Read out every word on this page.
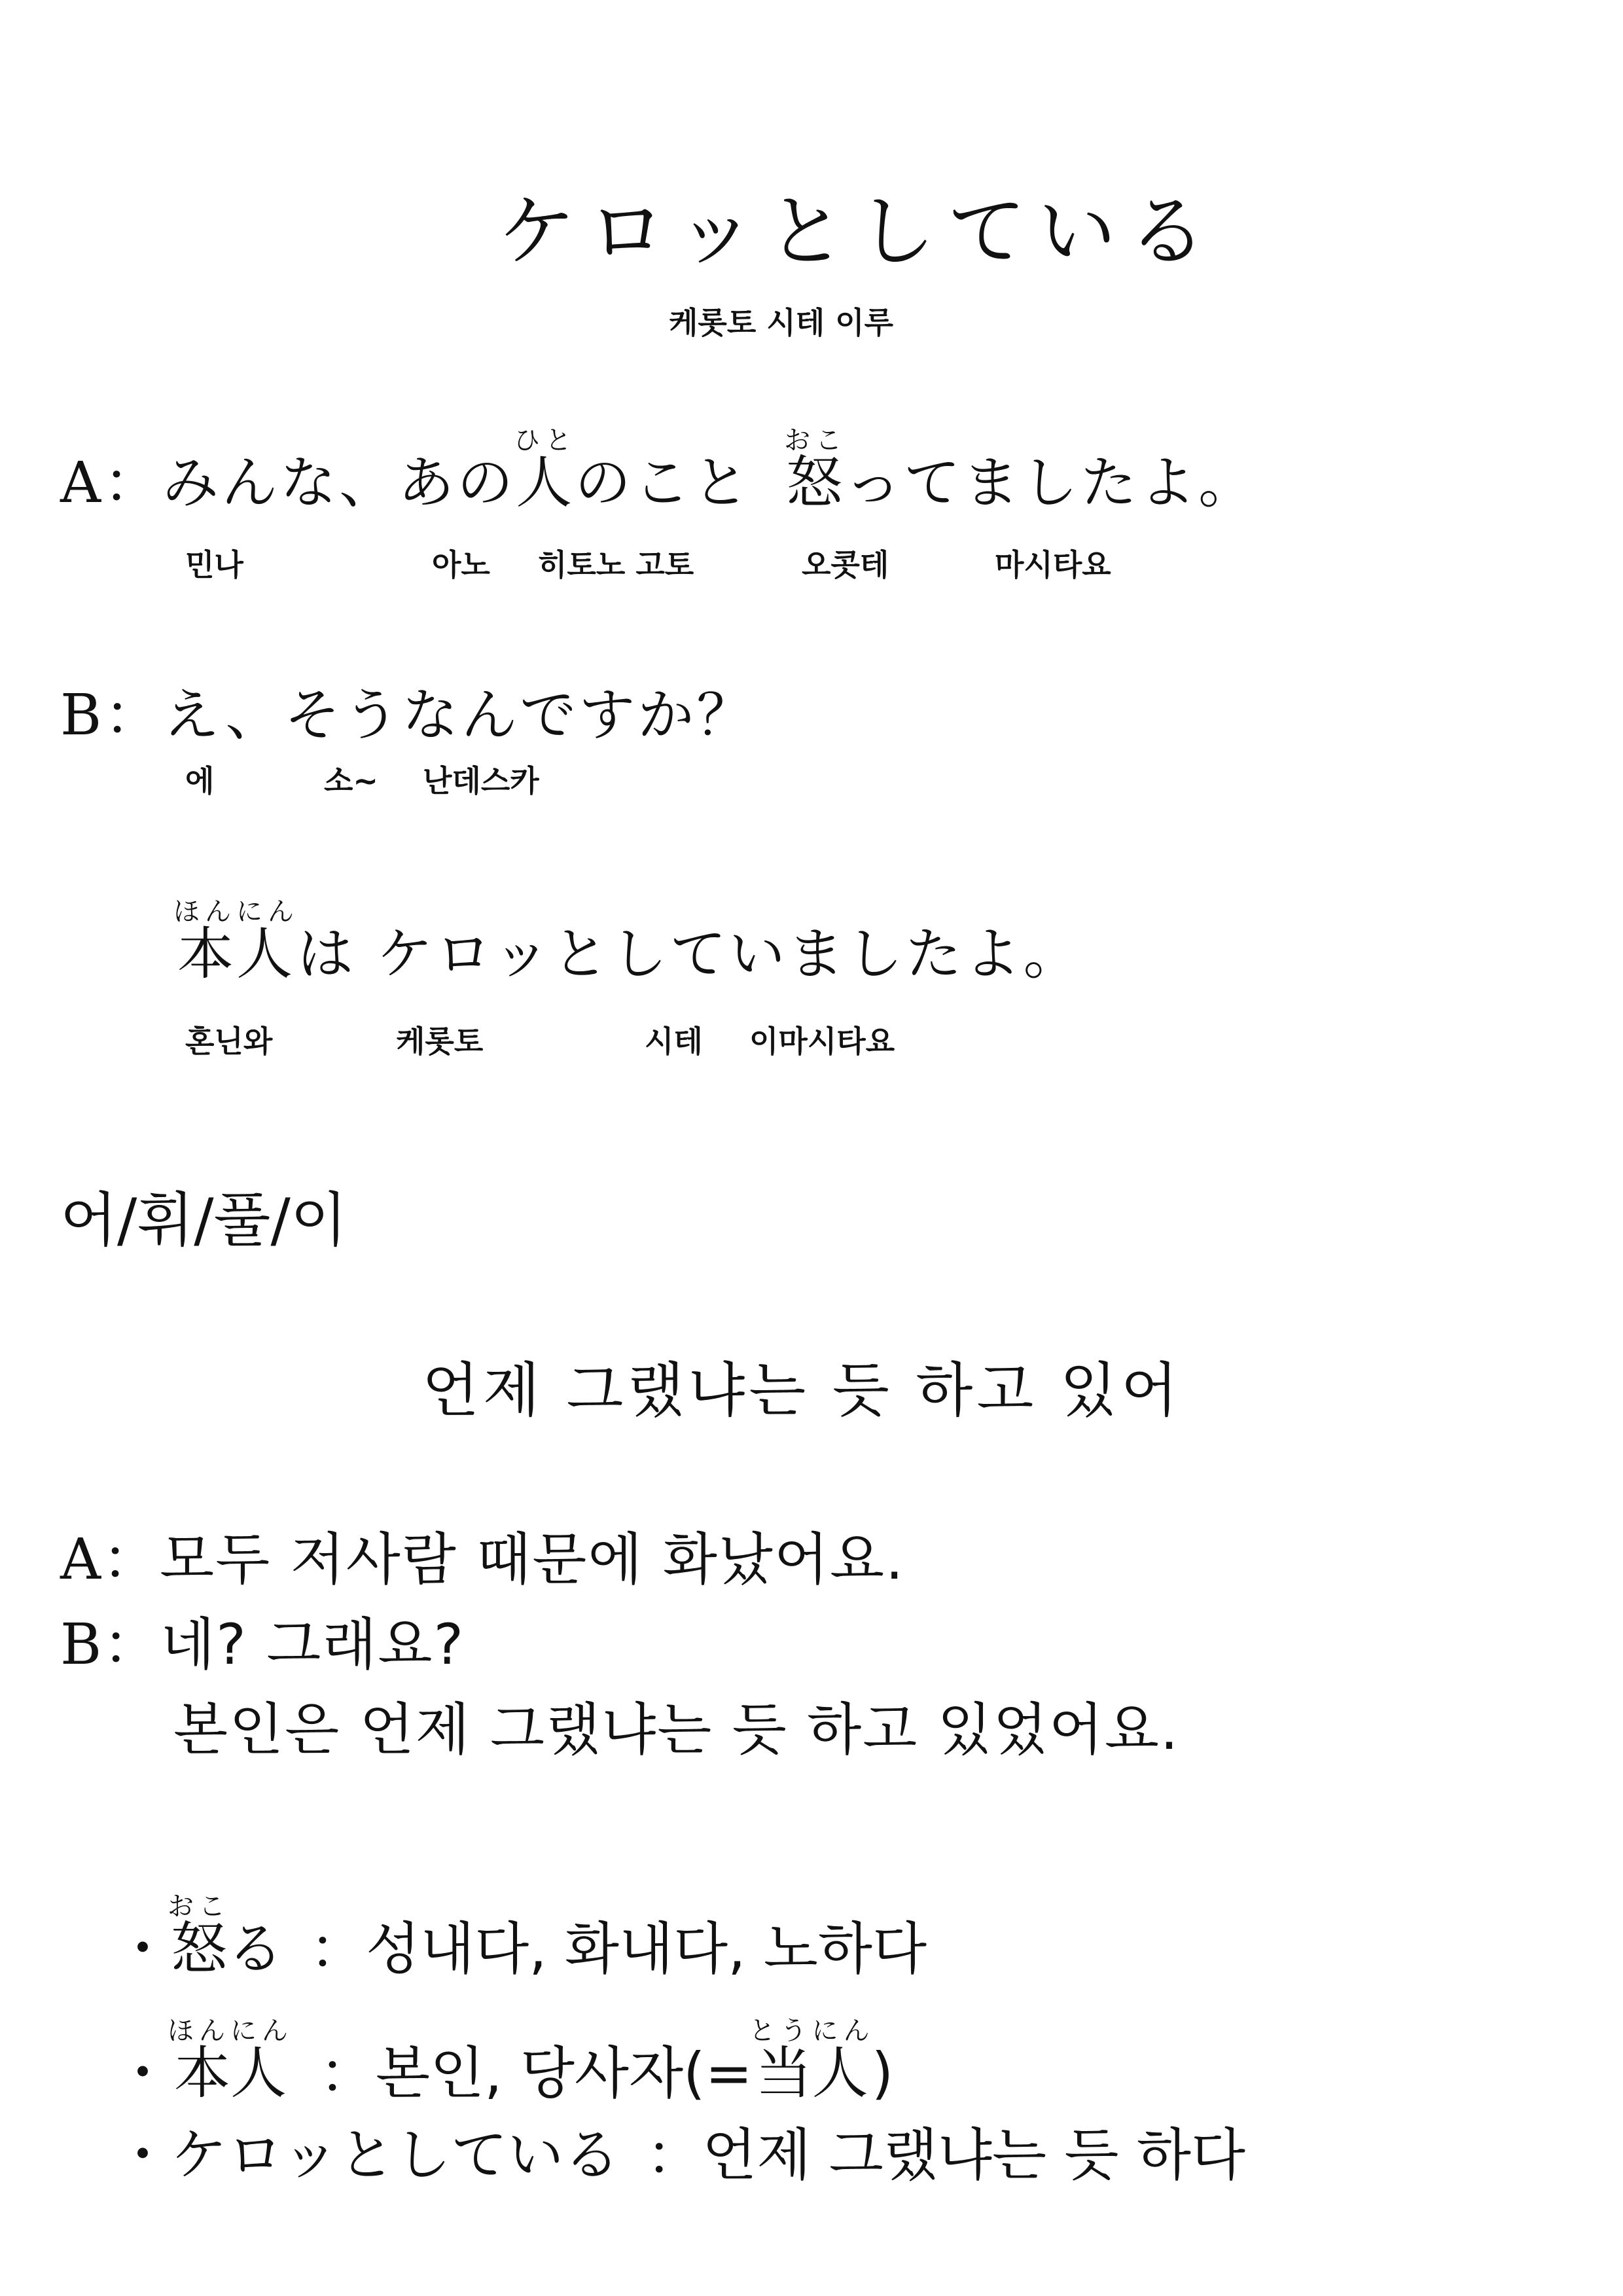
ケロッとしている
케롯토 시테 이루
A：みんな、あの人ひとのこと 怒おこってましたよ。
민나	아노 히토노 고토	오콧테	마시타요
B：え、そうなんですか？
에	소~ 난데스카
本人ほんにんは ケロッとしていましたよ。
혼닌와	케롯토	시테 이마시타요
어/휘/풀/이
언제 그랬냐는 듯 하고 있어
A：모두 저사람 때문에 화났어요.
B：네? 그래요?
본인은 언제 그랬냐는 듯 하고 있었어요.
・怒おこる ：성내다, 화내다, 노하다
・本人ほんにん：본인, 당사자(=当人とうにん)
・ケロッとしている ：언제 그랬냐는 듯 하다
